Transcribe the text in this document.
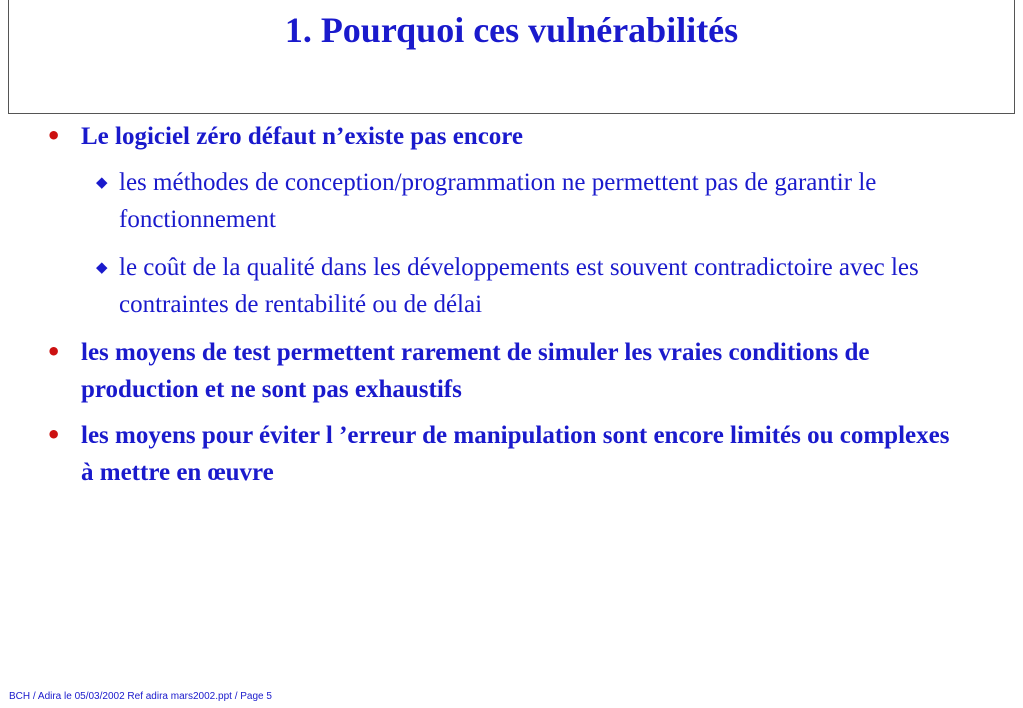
1. Pourquoi ces vulnérabilités
• Le logiciel zéro défaut n’existe pas encore
◆ les méthodes de conception/programmation ne permettent pas de garantir le fonctionnement
◆ le coût de la qualité dans les développements est souvent contradictoire avec les contraintes de rentabilité ou de délai
• les moyens de test permettent rarement de simuler les vraies conditions de production et ne sont pas exhaustifs
• les moyens pour éviter l ’erreur de manipulation sont encore limités ou complexes à mettre en œuvre
BCH / Adira le 05/03/2002 Ref adira mars2002.ppt / Page 5
